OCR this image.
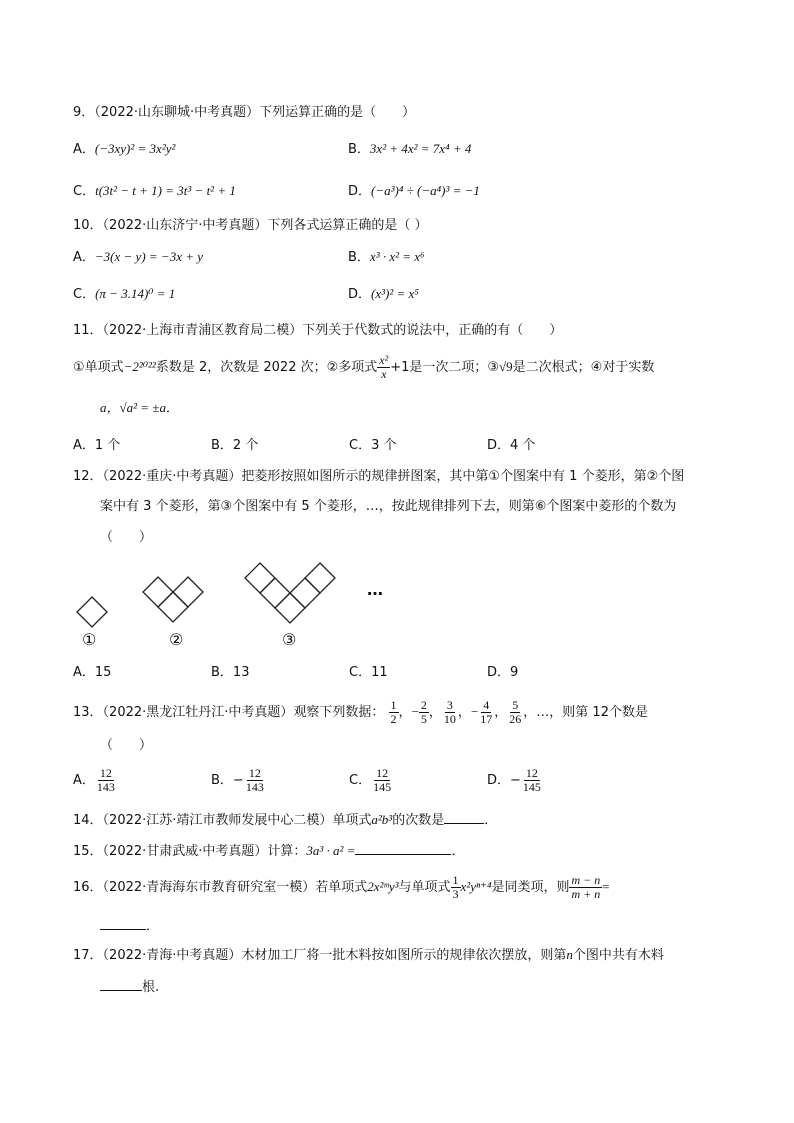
9．（2022·山东聊城·中考真题）下列运算正确的是（　　）
A．(−3xy)² = 3x²y²	B．3x² + 4x² = 7x⁴ + 4
C．t(3t² − t + 1) = 3t³ − t² + 1	D．(−a³)⁴ ÷ (−a⁴)³ = −1
10．（2022·山东济宁·中考真题）下列各式运算正确的是（ ）
A．−3(x − y) = −3x + y	B．x³ · x² = x⁶
C．(π − 3.14)⁰ = 1	D．(x³)² = x⁵
11．（2022·上海市青浦区教育局二模）下列关于代数式的说法中，正确的有（　　）
①单项式−2²⁰²²系数是 2，次数是 2022 次；②多项式 $\frac{\text{x²}}{x} +1$是一次二项；③√9是二次根式；④对于实数
a，√a² = ±a．
A．1 个	B．2 个	C．3 个	D．4 个
12．（2022·重庆·中考真题）把菱形按照如图所示的规律拼图案，其中第①个图案中有 1 个菱形，第②个图
案中有 3 个菱形，第③个图案中有 5 个菱形，…，按此规律排列下去，则第⑥个图案中菱形的个数为
（　　）
①	②	③
…
A．15	B．13	C．11	D．9
13．（2022·黑龙江牡丹江·中考真题）观察下列数据： $\frac{1}{2}$ ，− $\frac{2}{5}$ ， $\frac{3}{10}$ ，− $\frac{4}{17}$ ， $\frac{5}{26}$ ，…，则第 12个数是
（　　）
A． $\frac{12}{143}$	B．− $\frac{12}{143}$	C． $\frac{12}{145}$	D．− $\frac{12}{145}$
14．（2022·江苏·靖江市教师发展中心二模）单项式a²b³的次数是	．
15．（2022·甘肃武威·中考真题）计算：3a³ · a² =	．
16．（2022·青海海东市教育研究室一模）若单项式2x²ᵐy³与单项式 $\frac{1}{3} x^2y^{n+4}$是同类项，则 $\frac{m - n}{m + n}$ =
．
17．（2022·青海·中考真题）木材加工厂将一批木料按如图所示的规律依次摆放，则第n个图中共有木料
根.
